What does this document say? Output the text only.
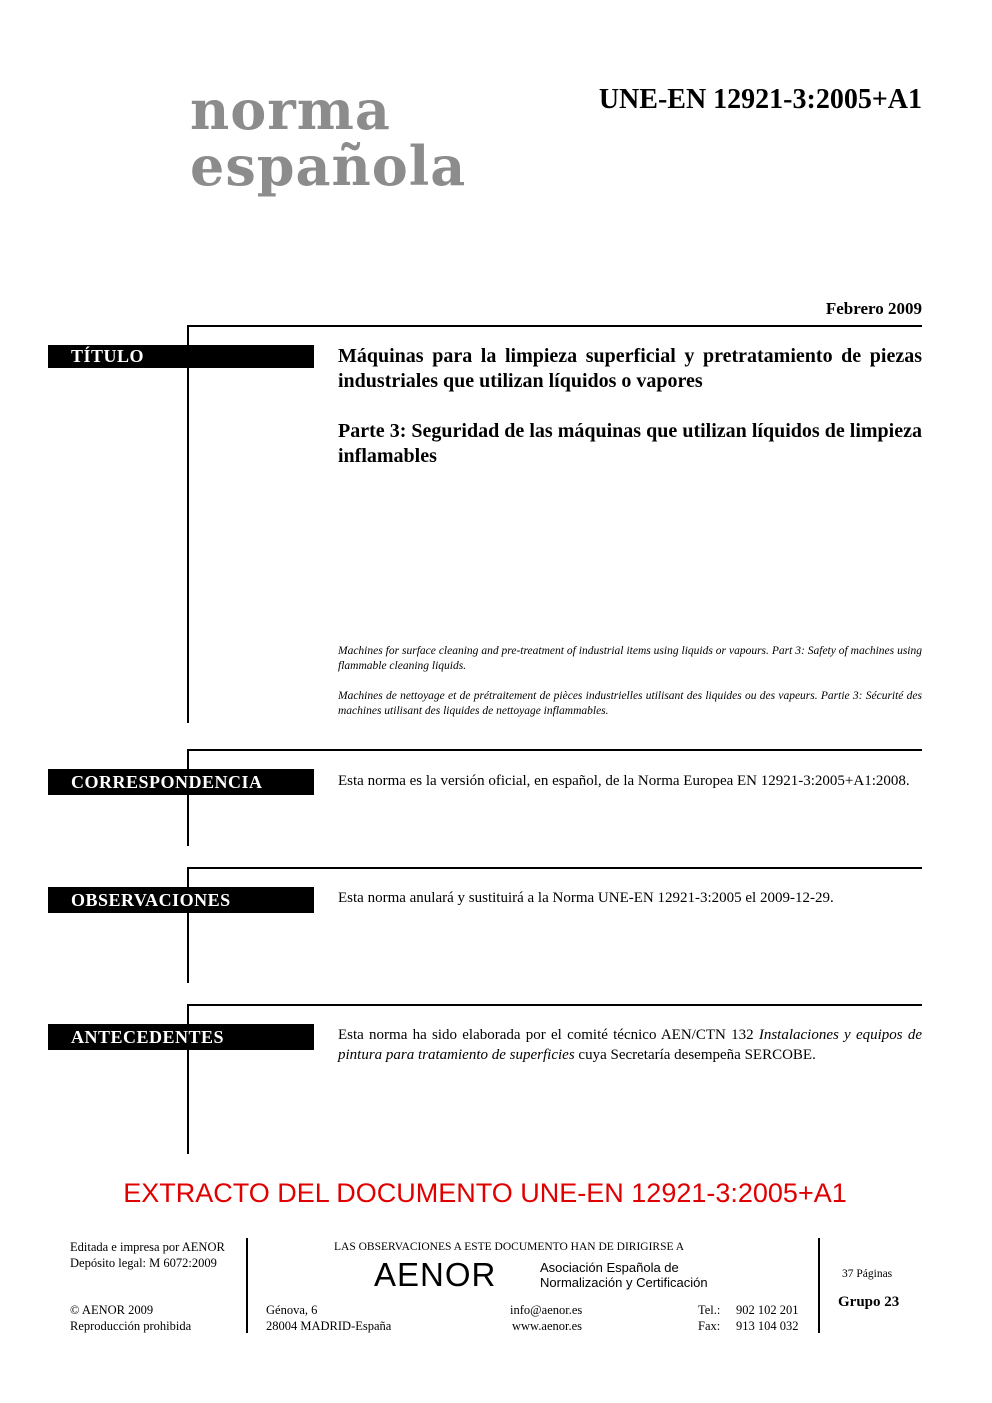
norma
española
UNE-EN 12921-3:2005+A1
Febrero 2009
TÍTULO	Máquinas para la limpieza superficial y pretratamiento de piezas industriales que utilizan líquidos o vapores

Parte 3: Seguridad de las máquinas que utilizan líquidos de limpieza inflamables

Machines for surface cleaning and pre-treatment of industrial items using liquids or vapours. Part 3: Safety of machines using flammable cleaning liquids.

Machines de nettoyage et de prétraitement de pièces industrielles utilisant des liquides ou des vapeurs. Partie 3: Sécurité des machines utilisant des liquides de nettoyage inflammables.

CORRESPONDENCIA	Esta norma es la versión oficial, en español, de la Norma Europea EN 12921-3:2005+A1:2008.
OBSERVACIONES	Esta norma anulará y sustituirá a la Norma UNE-EN 12921-3:2005 el 2009-12-29.
ANTECEDENTES	Esta norma ha sido elaborada por el comité técnico AEN/CTN 132 Instalaciones y equipos de pintura para tratamiento de superficies cuya Secretaría desempeña SERCOBE.
EXTRACTO DEL DOCUMENTO UNE-EN 12921-3:2005+A1
Editada e impresa por AENOR
Depósito legal: M 6072:2009
© AENOR 2009
Reproducción prohibida
LAS OBSERVACIONES A ESTE DOCUMENTO HAN DE DIRIGIRSE A
AENOR	Asociación Española de
Normalización y Certificación
Génova, 6
28004 MADRID-España
info@aenor.es
www.aenor.es
Tel.: 902 102 201
Fax: 913 104 032
37 Páginas
Grupo 23
